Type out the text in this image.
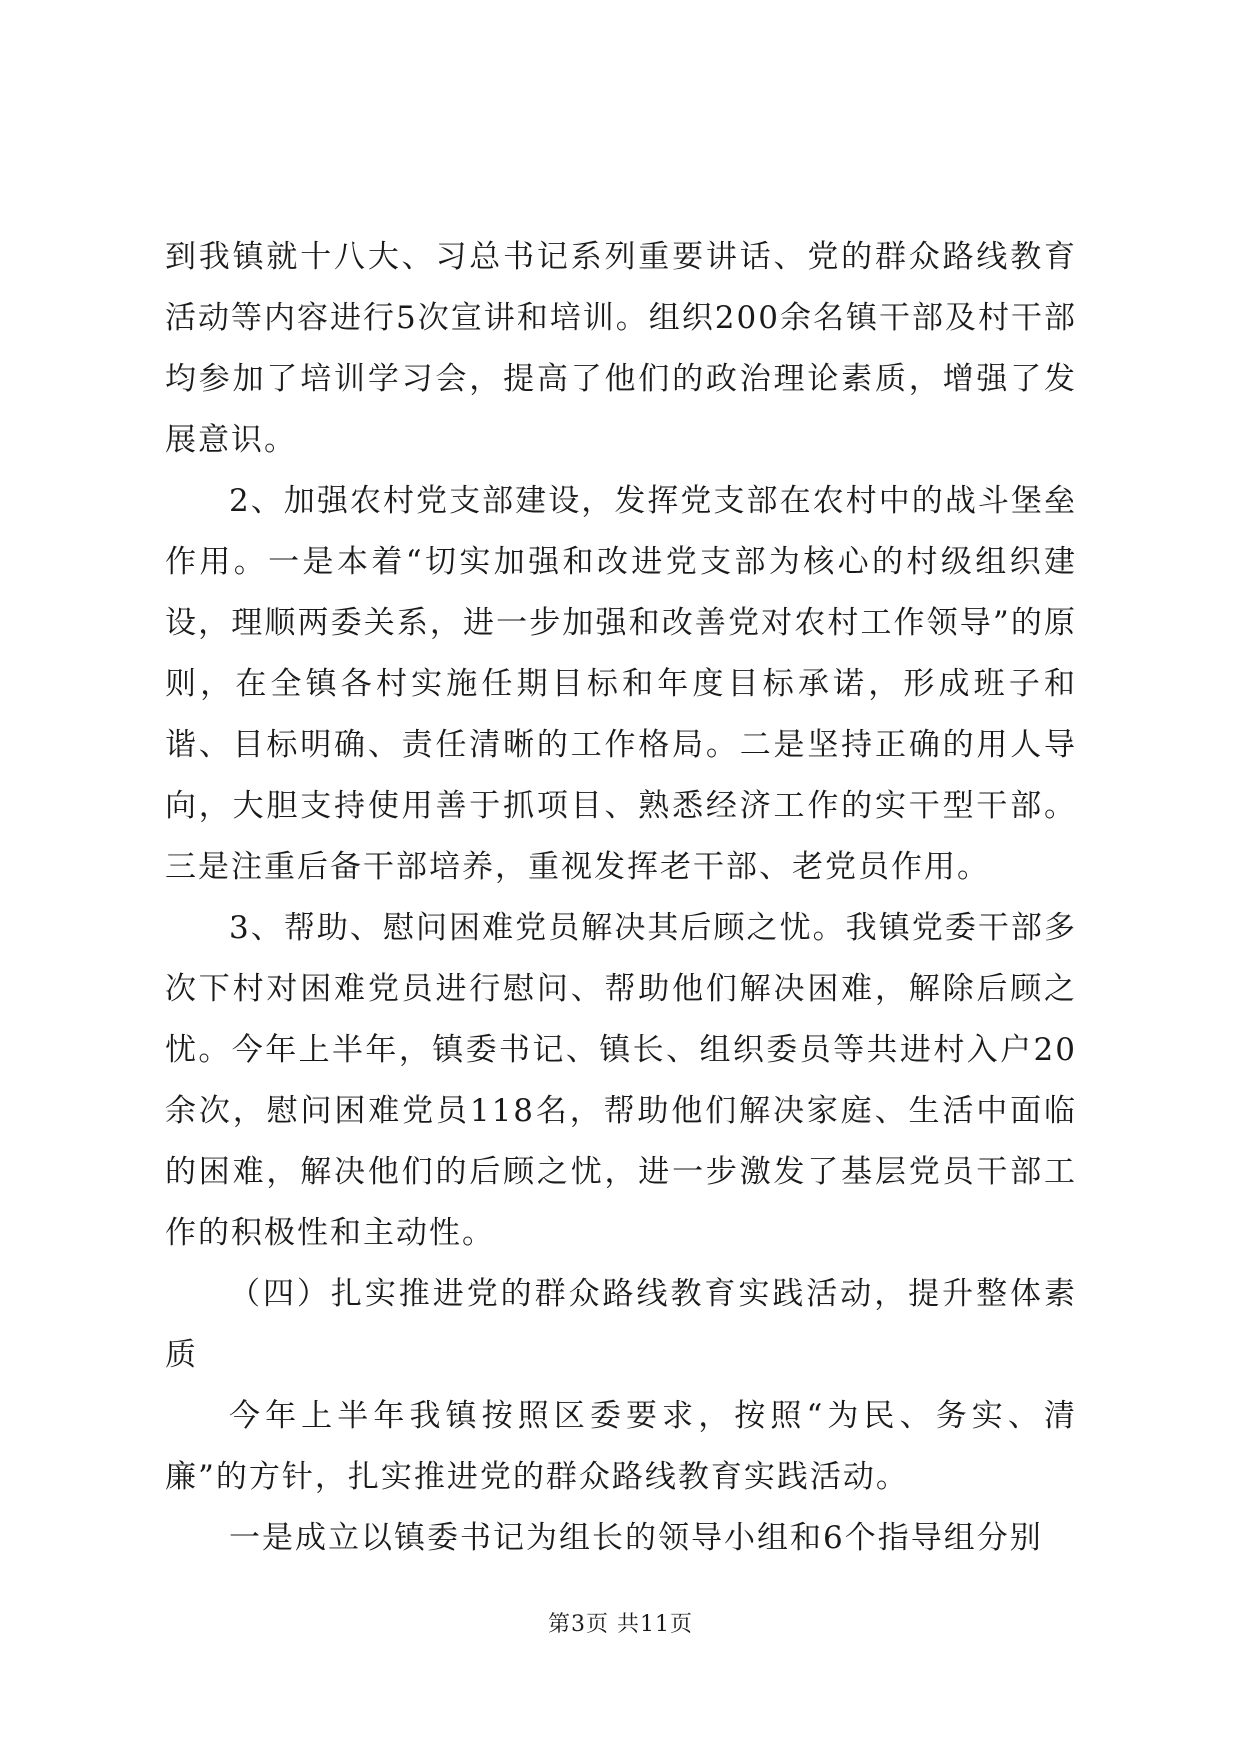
到我镇就十八大、习总书记系列重要讲话、党的群众路线教育活动等内容进行5次宣讲和培训。组织200余名镇干部及村干部均参加了培训学习会，提高了他们的政治理论素质，增强了发展意识。

2、加强农村党支部建设，发挥党支部在农村中的战斗堡垒作用。一是本着“切实加强和改进党支部为核心的村级组织建设，理顺两委关系，进一步加强和改善党对农村工作领导”的原则，在全镇各村实施任期目标和年度目标承诺，形成班子和谐、目标明确、责任清晰的工作格局。二是坚持正确的用人导向，大胆支持使用善于抓项目、熟悉经济工作的实干型干部。三是注重后备干部培养，重视发挥老干部、老党员作用。

3、帮助、慰问困难党员解决其后顾之忧。我镇党委干部多次下村对困难党员进行慰问、帮助他们解决困难，解除后顾之忧。今年上半年，镇委书记、镇长、组织委员等共进村入户20余次，慰问困难党员118名，帮助他们解决家庭、生活中面临的困难，解决他们的后顾之忧，进一步激发了基层党员干部工作的积极性和主动性。

（四）扎实推进党的群众路线教育实践活动，提升整体素质

今年上半年我镇按照区委要求，按照“为民、务实、清廉”的方针，扎实推进党的群众路线教育实践活动。

一是成立以镇委书记为组长的领导小组和6个指导组分别

第3页 共11页
